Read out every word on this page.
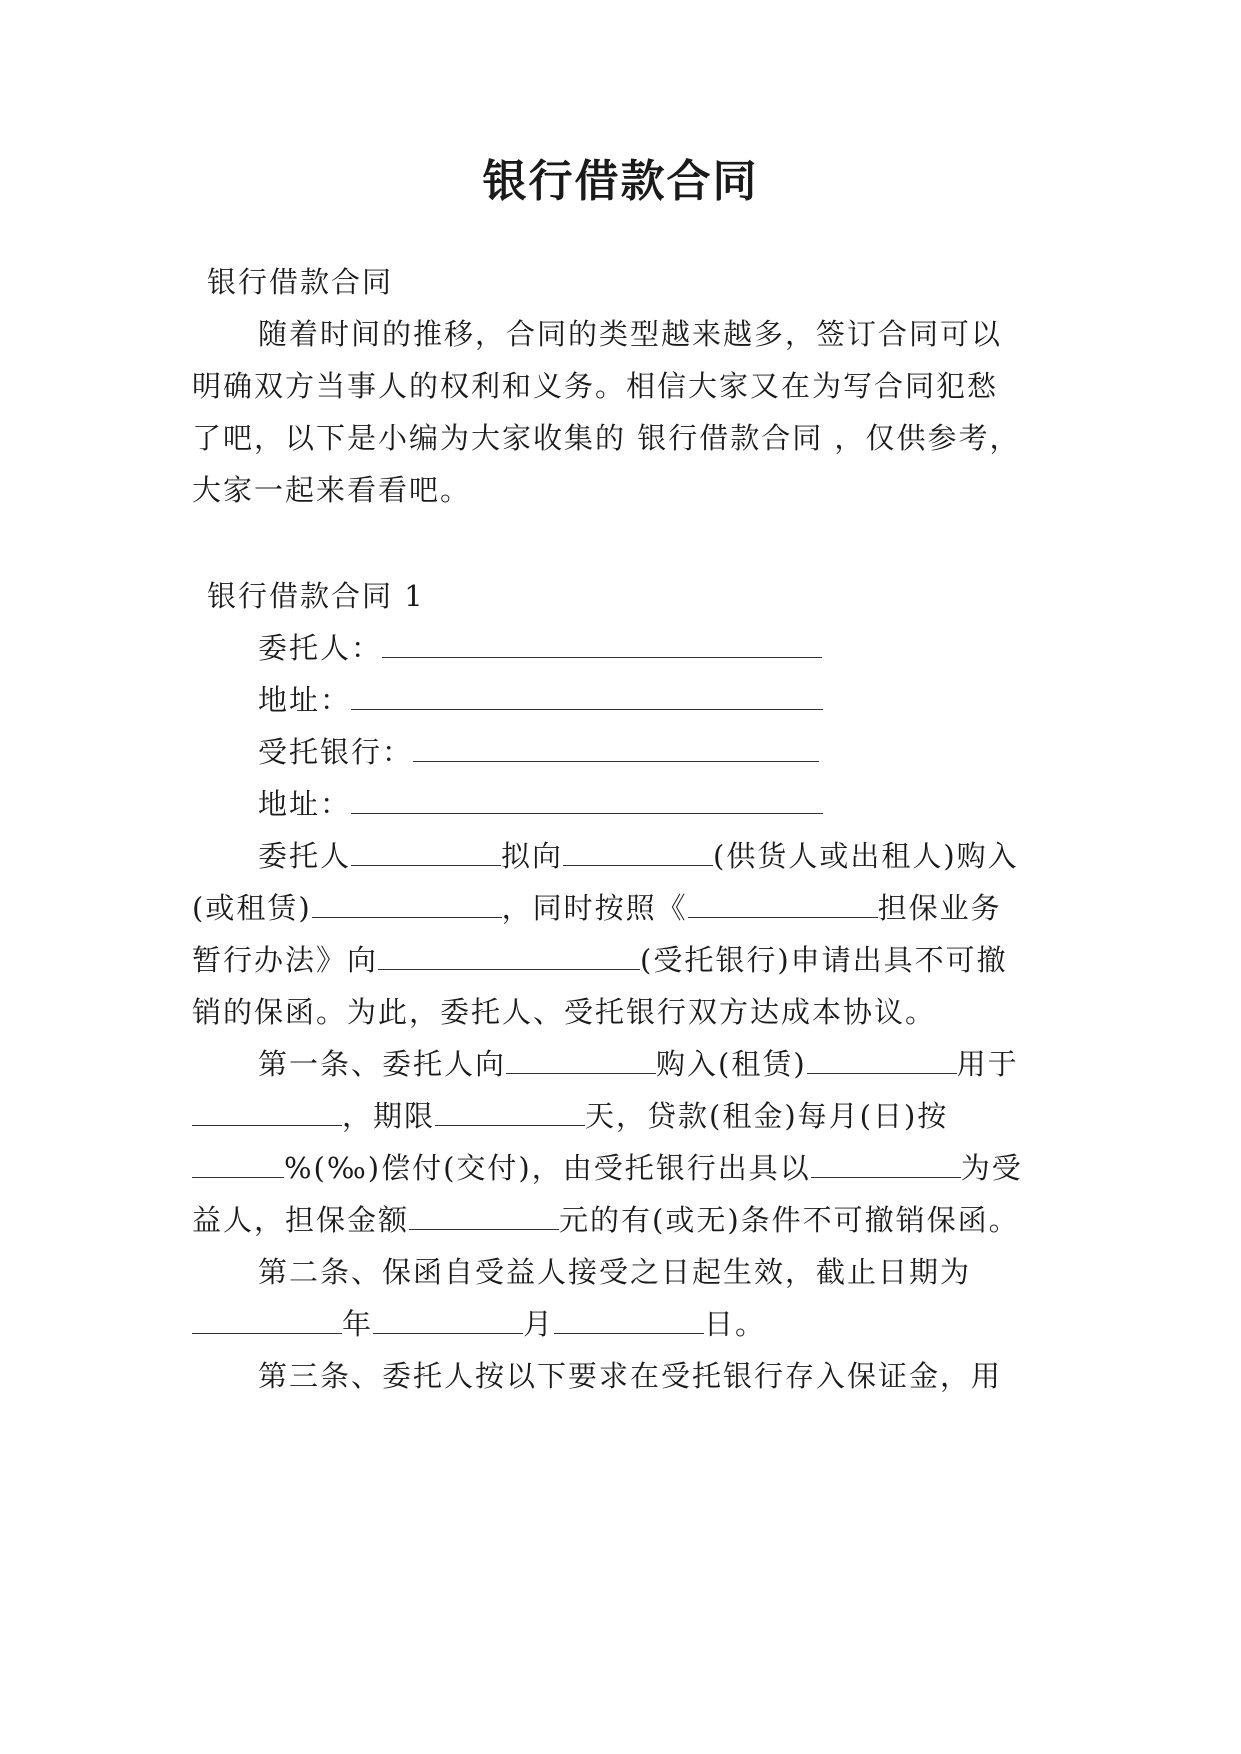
银行借款合同

银行借款合同

随着时间的推移，合同的类型越来越多，签订合同可以

明确双方当事人的权利和义务。相信大家又在为写合同犯愁

了吧，以下是小编为大家收集的 银行借款合同 ，仅供参考，

大家一起来看看吧。

银行借款合同 1

委托人：

地址：

受托银行：

地址：

委托人	拟向	(供货人或出租人)购入

(或租赁)	，同时按照《	担保业务

暂行办法》向	(受托银行)申请出具不可撤

销的保函。为此，委托人、受托银行双方达成本协议。

第一条、委托人向	购入(租赁)	用于

，期限	天，贷款(租金)每月(日)按

%(‰)偿付(交付)，由受托银行出具以	为受

益人，担保金额	元的有(或无)条件不可撤销保函。

第二条、保函自受益人接受之日起生效，截止日期为

年	月	日。

第三条、委托人按以下要求在受托银行存入保证金，用
